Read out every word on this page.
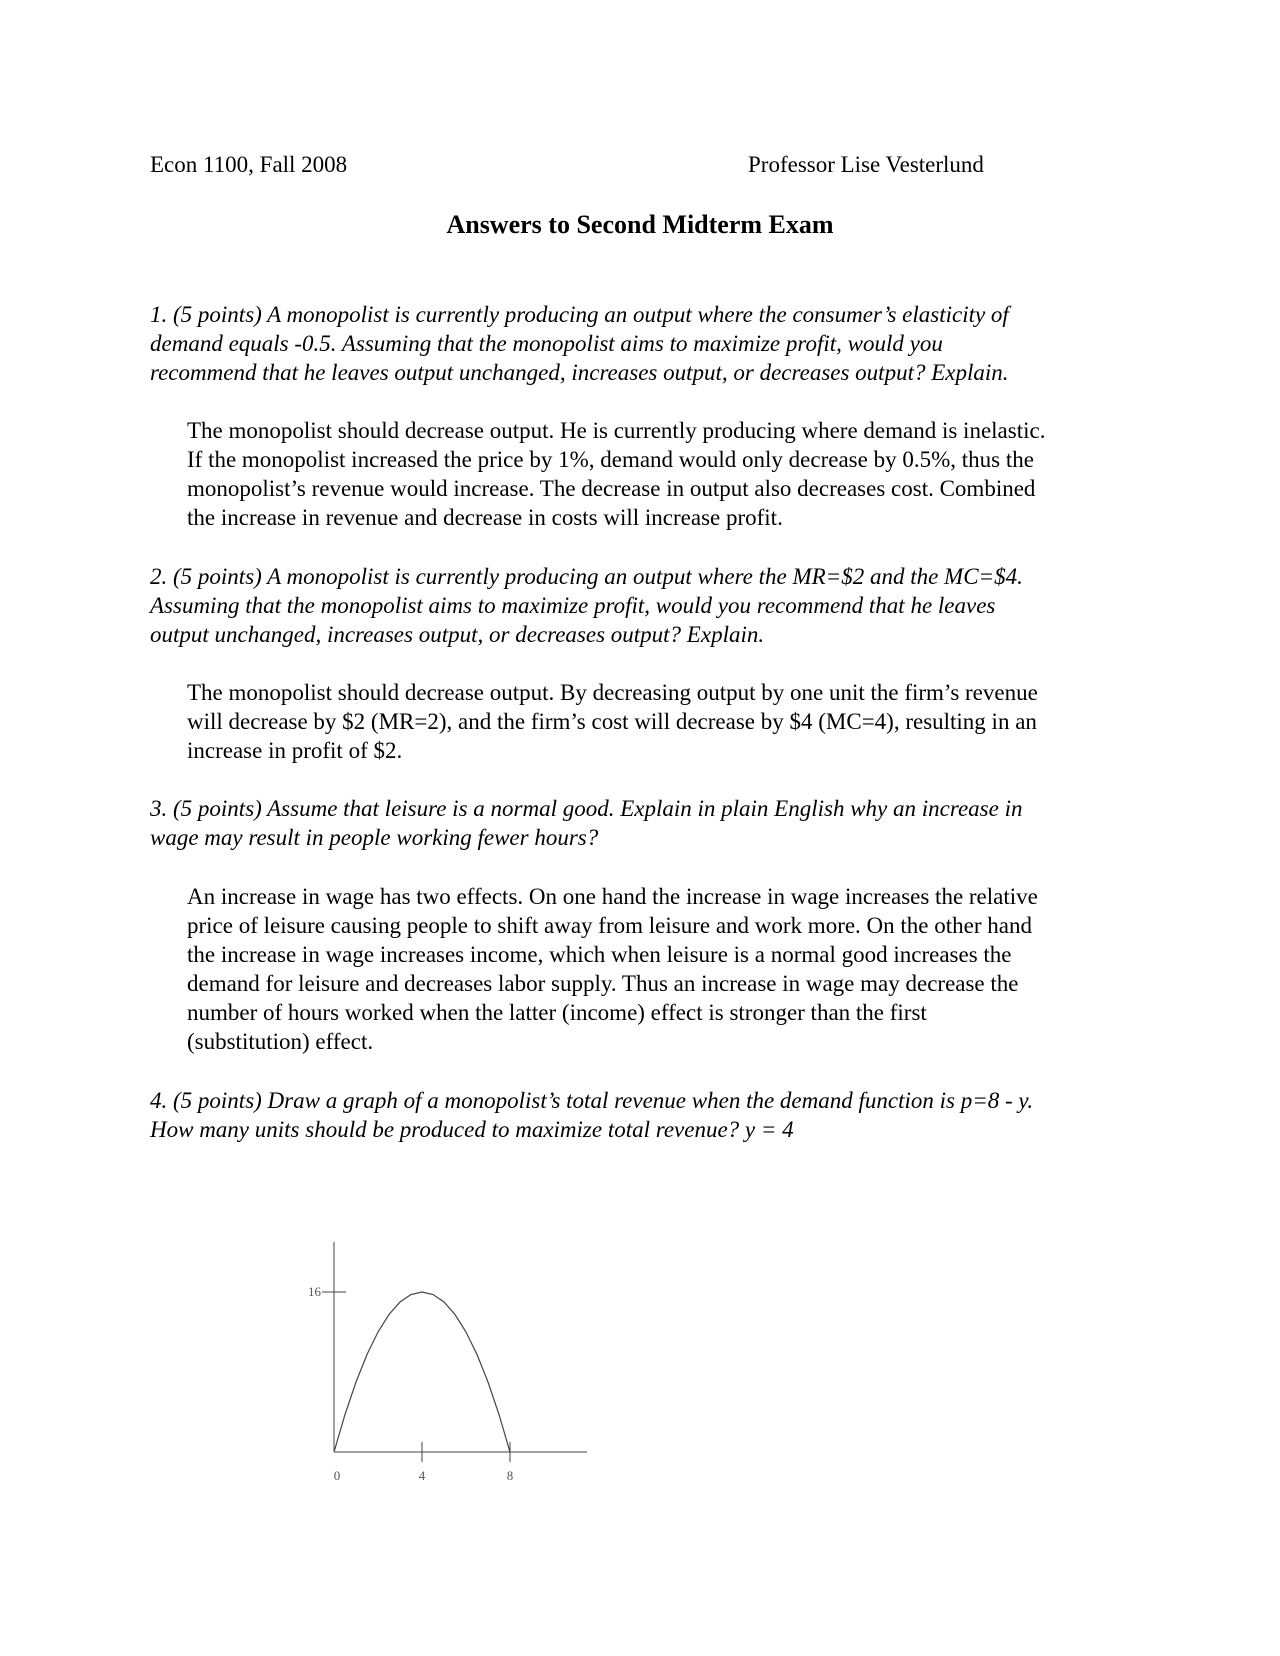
Econ 1100, Fall 2008	Professor Lise Vesterlund
Answers to Second Midterm Exam
1. (5 points) A monopolist is currently producing an output where the consumer’s elasticity of
demand equals -0.5. Assuming that the monopolist aims to maximize profit, would you
recommend that he leaves output unchanged, increases output, or decreases output? Explain.
The monopolist should decrease output. He is currently producing where demand is inelastic.
If the monopolist increased the price by 1%, demand would only decrease by 0.5%, thus the
monopolist’s revenue would increase. The decrease in output also decreases cost. Combined
the increase in revenue and decrease in costs will increase profit.
2. (5 points) A monopolist is currently producing an output where the MR=$2 and the MC=$4.
Assuming that the monopolist aims to maximize profit, would you recommend that he leaves
output unchanged, increases output, or decreases output? Explain.
The monopolist should decrease output. By decreasing output by one unit the firm’s revenue
will decrease by $2 (MR=2), and the firm’s cost will decrease by $4 (MC=4), resulting in an
increase in profit of $2.
3. (5 points) Assume that leisure is a normal good. Explain in plain English why an increase in
wage may result in people working fewer hours?
An increase in wage has two effects. On one hand the increase in wage increases the relative
price of leisure causing people to shift away from leisure and work more. On the other hand
the increase in wage increases income, which when leisure is a normal good increases the
demand for leisure and decreases labor supply. Thus an increase in wage may decrease the
number of hours worked when the latter (income) effect is stronger than the first
(substitution) effect.
4. (5 points) Draw a graph of a monopolist’s total revenue when the demand function is p=8 - y.
How many units should be produced to maximize total revenue? y = 4
16
0	4	8
